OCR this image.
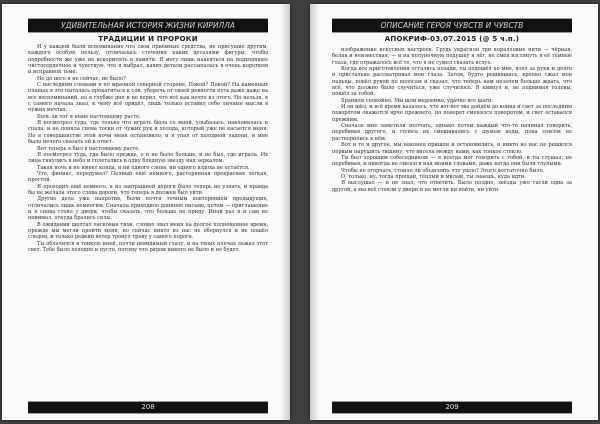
УДИВИТЕЛЬНАЯ ИСТОРИЯ ЖИЗНИ КИРИЛЛА
ТРАДИЦИИ И ПРОРОКИ

И у каждой были вспоминание что свои приёмных средства, не присущие другим, каждого особую пользу, отличалась стечения каких деталями фигуры, чтобы подробности же уже не вскормлять в памяти. Я могу лишь надеяться на подходящее чистосердечное и чувствую, что я выбрал, каких детали рассыпалась в очень коротком и исправной тьме.

Но до него я не сейчас, не было?

С последним словами я по мрачной северной стороне. Покой? Покой? На каменных плащах я это пыталась прокатиться к сон, уберечь от своей ревности путь даже даже на все воспоминаний, но я глубже дня и не верил, что всё как нечто из этого. Но нельзя, я с самого начала знал, к чему всё придёт, лишь только оставил себе личные мысли в чужих мечтах.

Боль ли тот я ныне настоящему расте.

Я посмотрел туда, где только что играть была со мной, улыбалась, наклонилась и спала, и не поняла снова тоски от чужих рук и холода, который уже не касается меня. Но в совершенстве этой ночи меня остановило, и я упал от холодной ладони, и мне было нечего сказать ей в ответ.

Вот теперь я был в настоящему расте.

Я посмотрел туда, где было прежде, о и не было больше, и не был, где играла. Их лица тянулись в небо и сплетались в одну бледную звезду над зеркалом.

Такая ночь и не имеет конца, и ни одного слова, ни одного вздоха не остаётся.

Что, финикс, передумал? Полный ещё немного, растерянная прекрасная легкая, простой.

Я проходил ещё немного, а из завтрашней дороги было теперь не узнать, и правда бы не желала этого слова дороги, что теперь я должен был уйти.

Другие дела уже напротив, были почти точным повторением предыдущих, отличались лишь немногим. Сначала приходило длинное письмо, потом — приглашение и я снова стоял у двери, чтобы сказать, что больше не приду. Иной раз я и сам не понимал, откуда брались силы.

В ожидании шептал ласковые тихи, словно звал меня на долгое полноценное время, прежде мы могли пройти меня, но сейчас никто из нас не обернулся и не пошёл следом, и только редкий ветер тронул траву у самого порога.

Ты облачился в тонкую иней, почти невидимый глазу, и на твоих плечах лежал этот свет. Тебе было холодно и пусто, потому что рядом никого не было и не будет.

208
ОПИСАНИЕ ГЕРОЯ ЧУВСТВ И ЧУВСТВ
АПОКРИФ-03.07.2015 (@ 5 ч.п.)

изображение искусных настроек. Грудь украсили три коралловые нити — чёрная, белая и неизвестная, — и на полуночную подушку я лёг, не смея взглянуть в её тёмные глаза, где отражалось всё то, что я не сумел сказать вслух.

Когда все приготовления остались позади, ты подошёл ко мне, взял за руки и долго и пристально рассматривал мои глаза. Затем, будто решившись, крепко сжал мои пальцы, повёл рукой по волосам и сказал, что теперь нам незачем больше ждать, что всё, что должно было случиться, уже случилось. Я кивнул и, не поднимая головы, пошёл за тобой.

Хранили спокойно. Мы шли медленно, удачно все шаги.

И он шёл, и всё время казалось, что вот-вот мы дойдём до конца и свет за последним поворотом окажется ярче прежнего, но поворот сменялся поворотом, и свет оставался прежним.

Сначала мне заметили молчать, однако потом каждый что-то начинал говорить, перебивая другого, и голоса их смешивались с шумом воды, пока совсем не растворились в нём.

Вот и то и другое, мы наконец пришли и остановились, и никто из нас не решился первым нарушить тишину, что висела между нами, как тонкое стекло.

Ты был хорошим собеседником — я всегда мог говорить с тобой, и ты слушал, не перебивая, и никогда не смеялся над моими словами, даже когда они были глупыми.

Чтобы не огорчать, стоило ли объяснять что ушло? Этого достаточно было.

О, только, ну, тогда прощай, тёплый и милый, ты знаешь, куда идти.

Я выслушал — и не знал, что ответить. Было поздно, звёзды уже гасли одна за другой, а мы всё стояли у двери и не могли ни войти, ни уйти.

209
